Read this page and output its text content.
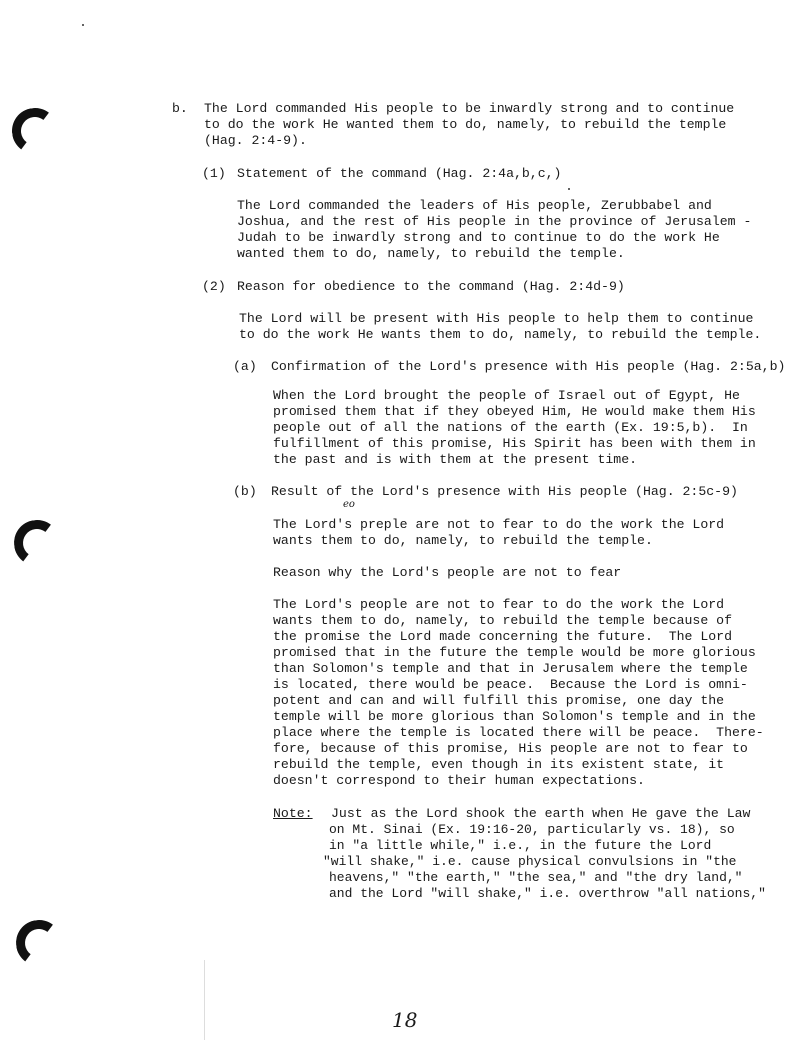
b. The Lord commanded His people to be inwardly strong and to continue
to do the work He wanted them to do, namely, to rebuild the temple
(Hag. 2:4-9).
(1) Statement of the command (Hag. 2:4a,b,c,)
The Lord commanded the leaders of His people, Zerubbabel and
Joshua, and the rest of His people in the province of Jerusalem -
Judah to be inwardly strong and to continue to do the work He
wanted them to do, namely, to rebuild the temple.
(2) Reason for obedience to the command (Hag. 2:4d-9)
The Lord will be present with His people to help them to continue
to do the work He wants them to do, namely, to rebuild the temple.
(a) Confirmation of the Lord's presence with His people (Hag. 2:5a,b)
When the Lord brought the people of Israel out of Egypt, He
promised them that if they obeyed Him, He would make them His
people out of all the nations of the earth (Ex. 19:5,b).  In
fulfillment of this promise, His Spirit has been with them in
the past and is with them at the present time.
(b) Result of the Lord's presence with His people (Hag. 2:5c-9)
eo
The Lord's preple are not to fear to do the work the Lord
wants them to do, namely, to rebuild the temple.
Reason why the Lord's people are not to fear
The Lord's people are not to fear to do the work the Lord
wants them to do, namely, to rebuild the temple because of
the promise the Lord made concerning the future.  The Lord
promised that in the future the temple would be more glorious
than Solomon's temple and that in Jerusalem where the temple
is located, there would be peace.  Because the Lord is omni-
potent and can and will fulfill this promise, one day the
temple will be more glorious than Solomon's temple and in the
place where the temple is located there will be peace.  There-
fore, because of this promise, His people are not to fear to
rebuild the temple, even though in its existent state, it
doesn't correspond to their human expectations.
Note: Just as the Lord shook the earth when He gave the Law
on Mt. Sinai (Ex. 19:16-20, particularly vs. 18), so
in "a little while," i.e., in the future the Lord
"will shake," i.e. cause physical convulsions in "the
heavens," "the earth," "the sea," and "the dry land,"
and the Lord "will shake," i.e. overthrow "all nations,"
18
